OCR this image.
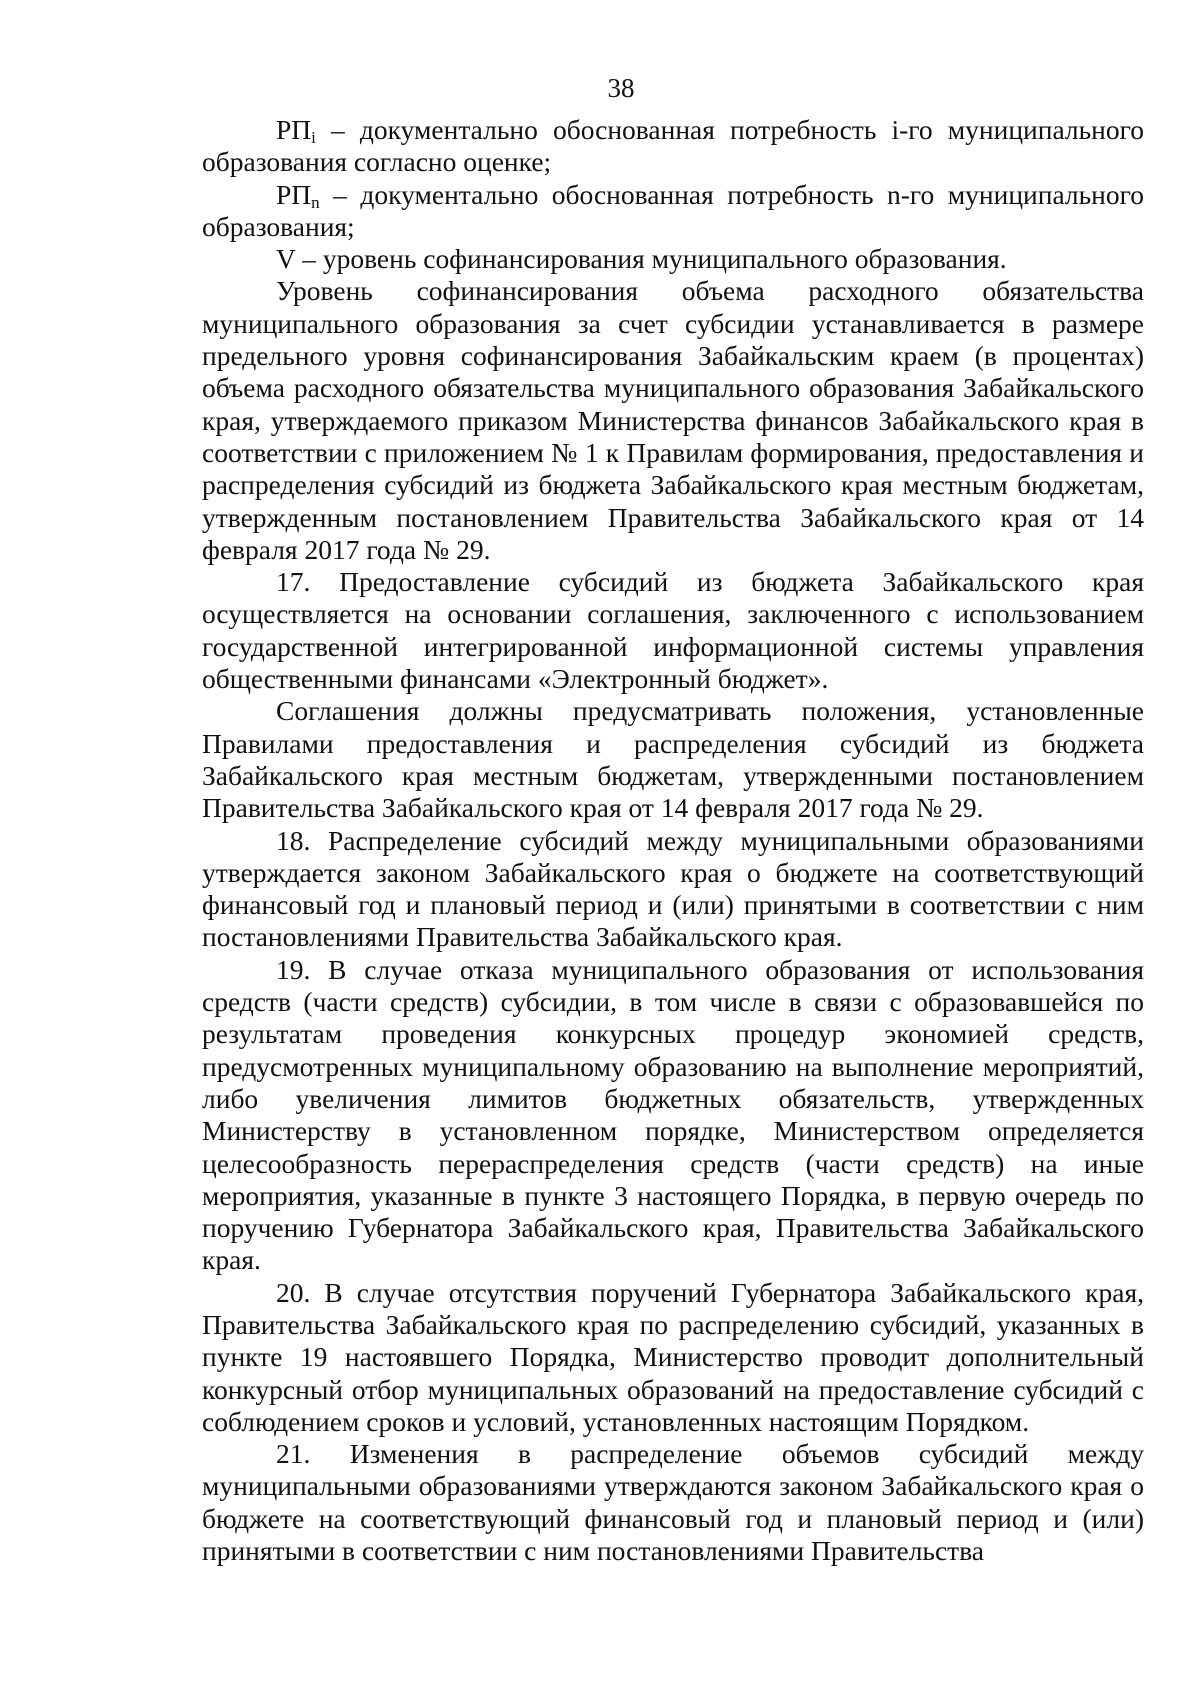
38

$РП_i$ – документально обоснованная потребность i-го муниципального образования согласно оценке;

$РП_n$ – документально обоснованная потребность n-го муниципального образования;

V – уровень софинансирования муниципального образования.

Уровень софинансирования объема расходного обязательства муниципального образования за счет субсидии устанавливается в размере предельного уровня софинансирования Забайкальским краем (в процентах) объема расходного обязательства муниципального образования Забайкальского края, утверждаемого приказом Министерства финансов Забайкальского края в соответствии с приложением № 1 к Правилам формирования, предоставления и распределения субсидий из бюджета Забайкальского края местным бюджетам, утвержденным постановлением Правительства Забайкальского края от 14 февраля 2017 года № 29.

17. Предоставление субсидий из бюджета Забайкальского края осуществляется на основании соглашения, заключенного с использованием государственной интегрированной информационной системы управления общественными финансами «Электронный бюджет».

Соглашения должны предусматривать положения, установленные Правилами предоставления и распределения субсидий из бюджета Забайкальского края местным бюджетам, утвержденными постановлением Правительства Забайкальского края от 14 февраля 2017 года № 29.

18. Распределение субсидий между муниципальными образованиями утверждается законом Забайкальского края о бюджете на соответствующий финансовый год и плановый период и (или) принятыми в соответствии с ним постановлениями Правительства Забайкальского края.

19. В случае отказа муниципального образования от использования средств (части средств) субсидии, в том числе в связи с образовавшейся по результатам проведения конкурсных процедур экономией средств, предусмотренных муниципальному образованию на выполнение мероприятий, либо увеличения лимитов бюджетных обязательств, утвержденных Министерству в установленном порядке, Министерством определяется целесообразность перераспределения средств (части средств) на иные мероприятия, указанные в пункте 3 настоящего Порядка, в первую очередь по поручению Губернатора Забайкальского края, Правительства Забайкальского края.

20. В случае отсутствия поручений Губернатора Забайкальского края, Правительства Забайкальского края по распределению субсидий, указанных в пункте 19 настоявшего Порядка, Министерство проводит дополнительный конкурсный отбор муниципальных образований на предоставление субсидий с соблюдением сроков и условий, установленных настоящим Порядком.

21. Изменения в распределение объемов субсидий между муниципальными образованиями утверждаются законом Забайкальского края о бюджете на соответствующий финансовый год и плановый период и (или) принятыми в соответствии с ним постановлениями Правительства
